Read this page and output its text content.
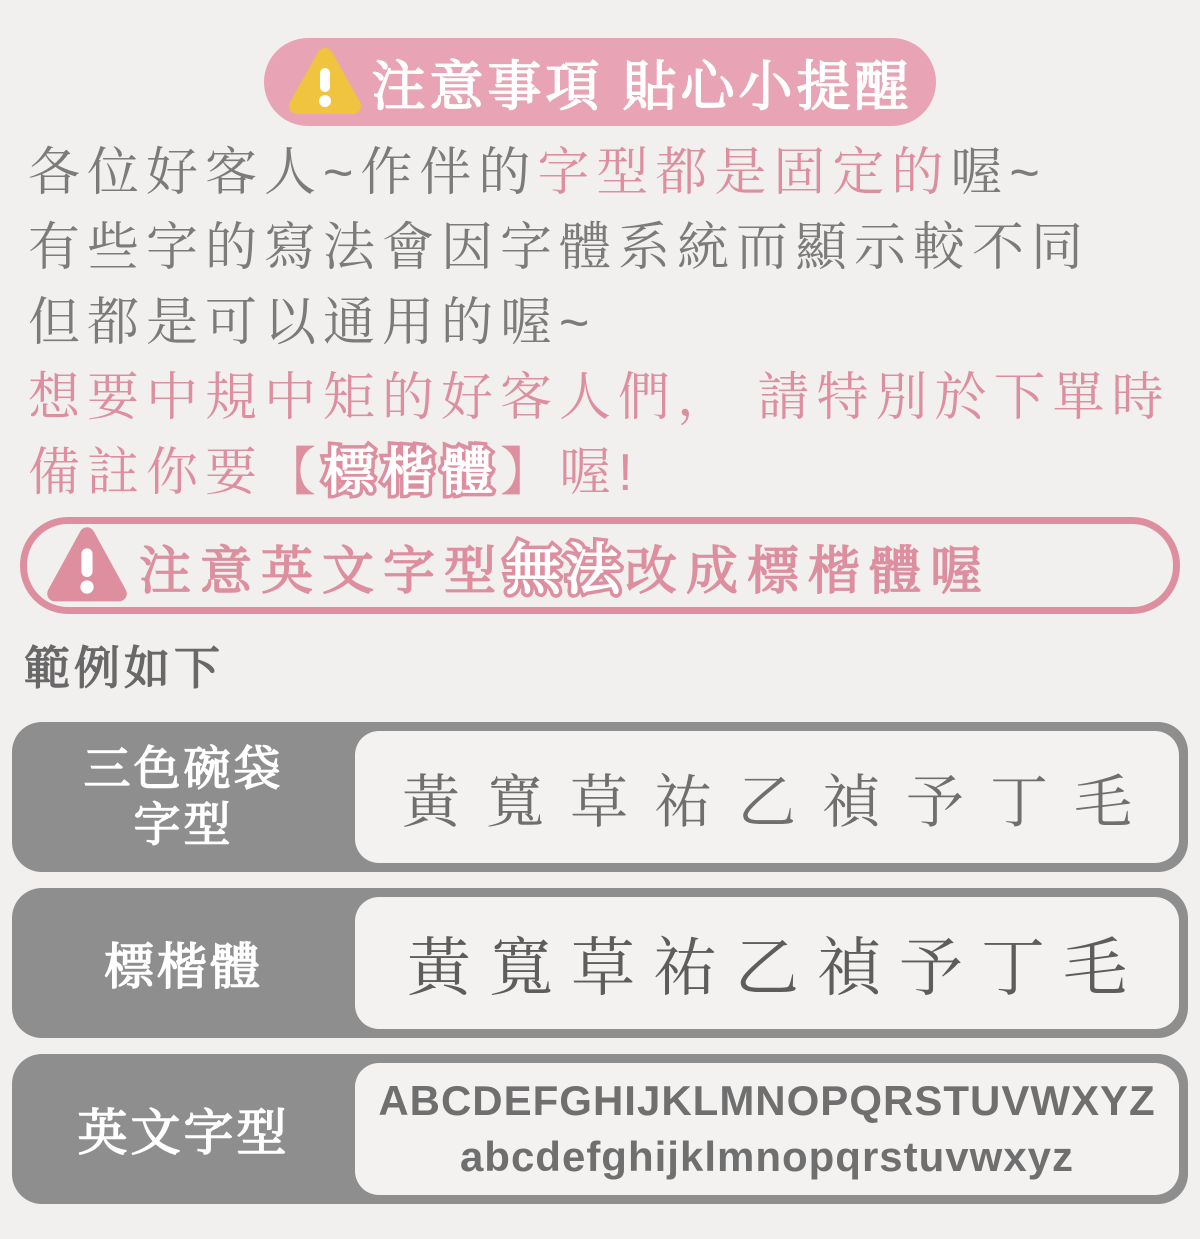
注意事項 貼心小提醒
各位好客人~作伴的字型都是固定的喔~
有些字的寫法會因字體系統而顯示較不同
但都是可以通用的喔~
想要中規中矩的好客人們， 請特別於下單時
備註你要【標楷體】喔!
注意英文字型無法改成標楷體喔
範例如下
三色碗袋
字型	黃寬草祐乙禎予丁毛
標楷體 黃寬草祐乙禎予丁毛
英文字型
ABCDEFGHIJKLMNOPQRSTUVWXYZ
abcdefghijklmnopqrstuvwxyz
